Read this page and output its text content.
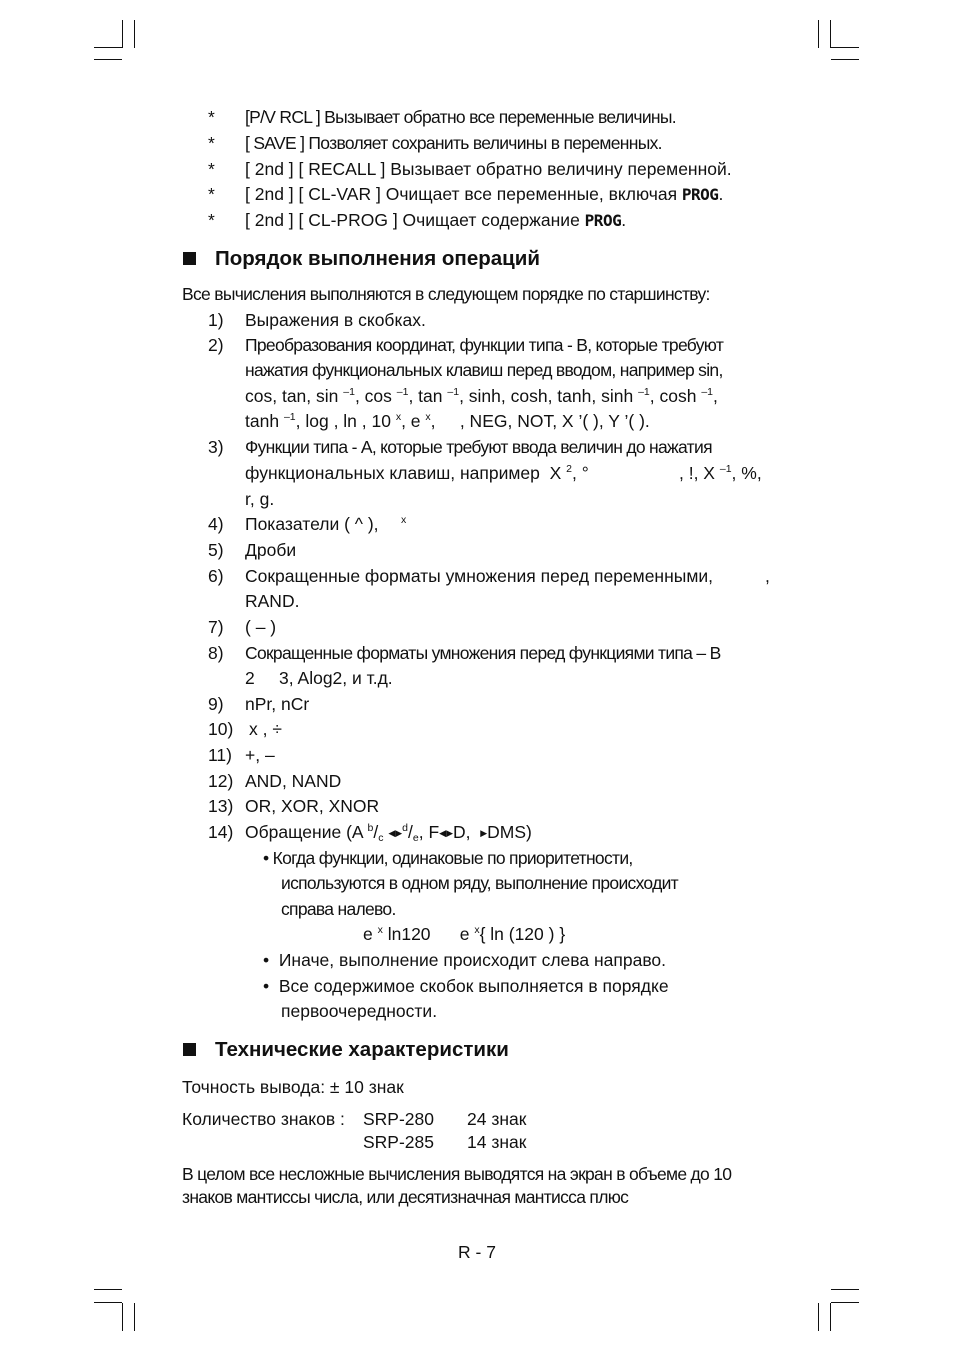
* [P/V RCL ] Вызывает обратно все переменные величины.
* [ SAVE ] Позволяет сохранить величины в переменных.
* [ 2nd ] [ RECALL ] Вызывает обратно величину переменной.
* [ 2nd ] [ CL-VAR ] Очищает все переменные, включая PROG.
* [ 2nd ] [ CL-PROG ] Очищает содержание PROG.
Порядок выполнения операций
Все вычисления выполняются в следующем порядке по старшинству:
1) Выражения в скобках.
2) Преобразования координат, функции типа - В, которые требуют
нажатия функциональных клавиш перед вводом, например sin,
cos, tan, sin $^{-1}$, cos $^{-1}$, tan $^{-1}$, sinh, cosh, tanh, sinh $^{-1}$, cosh $^{-1}$,
tanh $^{-1}$, log , ln , 10 $^x$, e $^x$,     , NEG, NOT, X ’( ), Y ’( ).
3) Функции типа - А, которые требуют ввода величин до нажатия
функциональных клавиш, например  X $^2$, °	, !, X $^{-1}$, %,
r, g.
4) Показатели ( ^ ), $^x$
5) Дроби
6) Сокращенные форматы умножения перед переменными,	,
RAND.
7) ( – )
8) Сокращенные форматы умножения перед функциями типа – В
2     3, Alog2, и т.д.
9) nPr, nCr
10) x , ÷
11) +, –
12) AND, NAND
13) OR, XOR, XNOR
14) Обращение (A $^b$/c ◀▶$^d$/e, F◀▶D,  ▶DMS)
• Когда функции, одинаковые по приоритетности,
используются в одном ряду, выполнение происходит
справа налево.
e $^x$ ln120      e $^x${ ln (120 ) }
•  Иначе, выполнение происходит слева направо.
•  Все содержимое скобок выполняется в порядке
первоочередности.
Технические характеристики
Точность вывода: ± 10 знак
Количество знаков : SRP-280 24 знак
SRP-285 14 знак
В целом все несложные вычисления выводятся на экран в объеме до 10
знаков мантиссы числа, или десятизначная мантисса плюс
R - 7
